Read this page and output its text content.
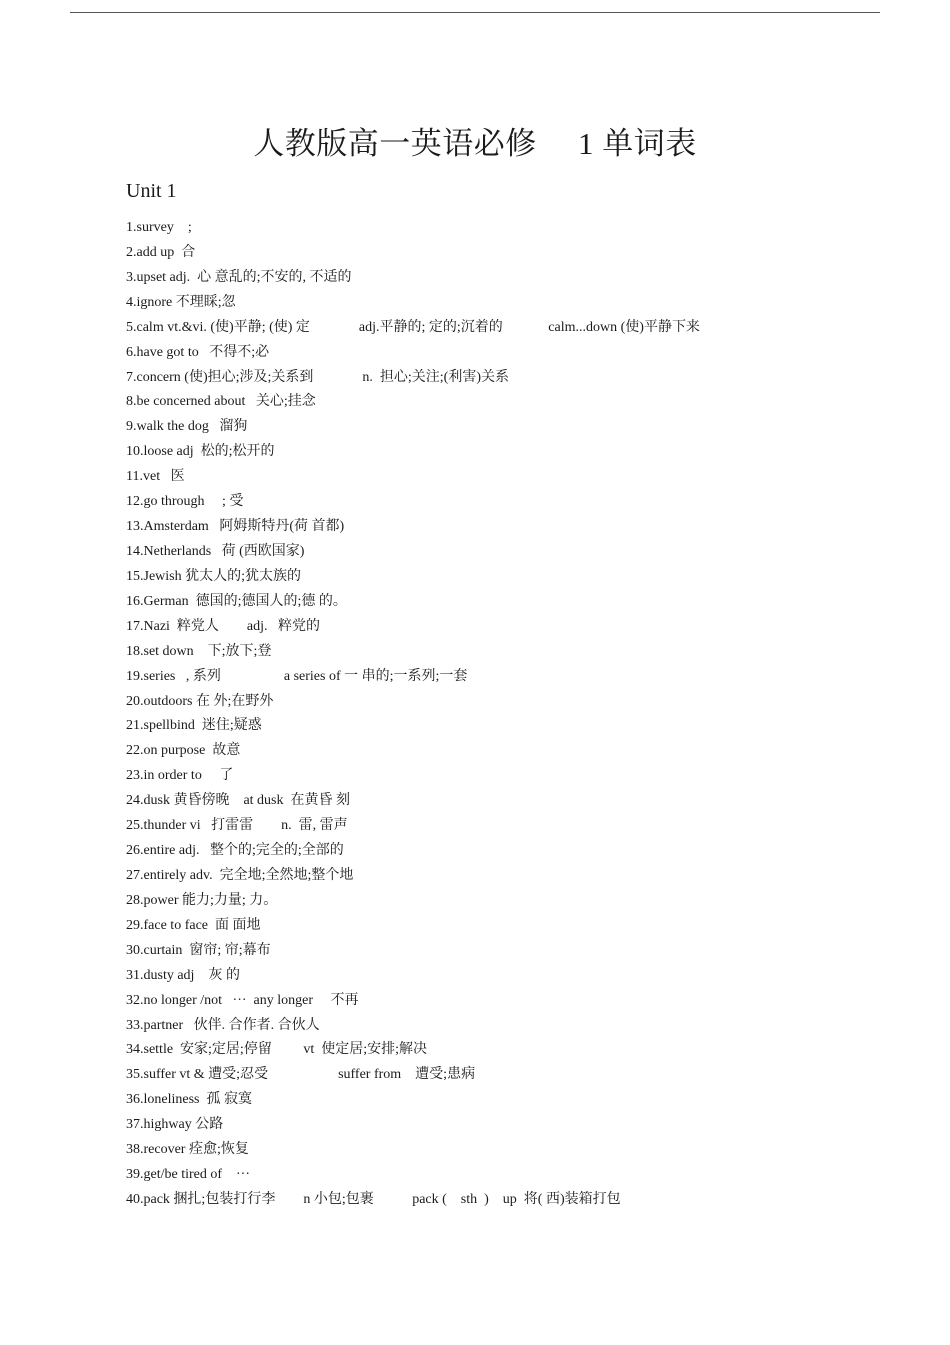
人教版高一英语必修     1 单词表
Unit 1
1.survey    ;
2.add up  合
3.upset adj.  心 意乱的;不安的, 不适的
4.ignore 不理睬;忽
5.calm vt.&vi. (使)平静; (使) 定              adj.平静的; 定的;沉着的             calm...down (使)平静下来
6.have got to   不得不;必
7.concern (使)担心;涉及;关系到              n.  担心;关注;(利害)关系
8.be concerned about   关心;挂念
9.walk the dog   溜狗
10.loose adj  松的;松开的
11.vet   医
12.go through     ; 受
13.Amsterdam   阿姆斯特丹(荷 首都)
14.Netherlands   荷 (西欧国家)
15.Jewish 犹太人的;犹太族的
16.German  德国的;德国人的;德 的。
17.Nazi  粹党人        adj.   粹党的
18.set down    下;放下;登
19.series   , 系列                  a series of 一 串的;一系列;一套
20.outdoors 在 外;在野外
21.spellbind  迷住;疑惑
22.on purpose  故意
23.in order to     了
24.dusk 黄昏傍晚    at dusk  在黄昏 刻
25.thunder vi   打雷雷        n.  雷, 雷声
26.entire adj.   整个的;完全的;全部的
27.entirely adv.  完全地;全然地;整个地
28.power 能力;力量; 力。
29.face to face  面 面地
30.curtain  窗帘; 帘;幕布
31.dusty adj    灰 的
32.no longer /not   ···  any longer     不再
33.partner   伙伴. 合作者. 合伙人
34.settle  安家;定居;停留         vt  使定居;安排;解决
35.suffer vt & 遭受;忍受                    suffer from    遭受;患病
36.loneliness  孤 寂寞
37.highway 公路
38.recover 痊愈;恢复
39.get/be tired of    ···
40.pack 捆扎;包装打行李        n 小包;包裹           pack (    sth  )    up  将( 西)装箱打包
